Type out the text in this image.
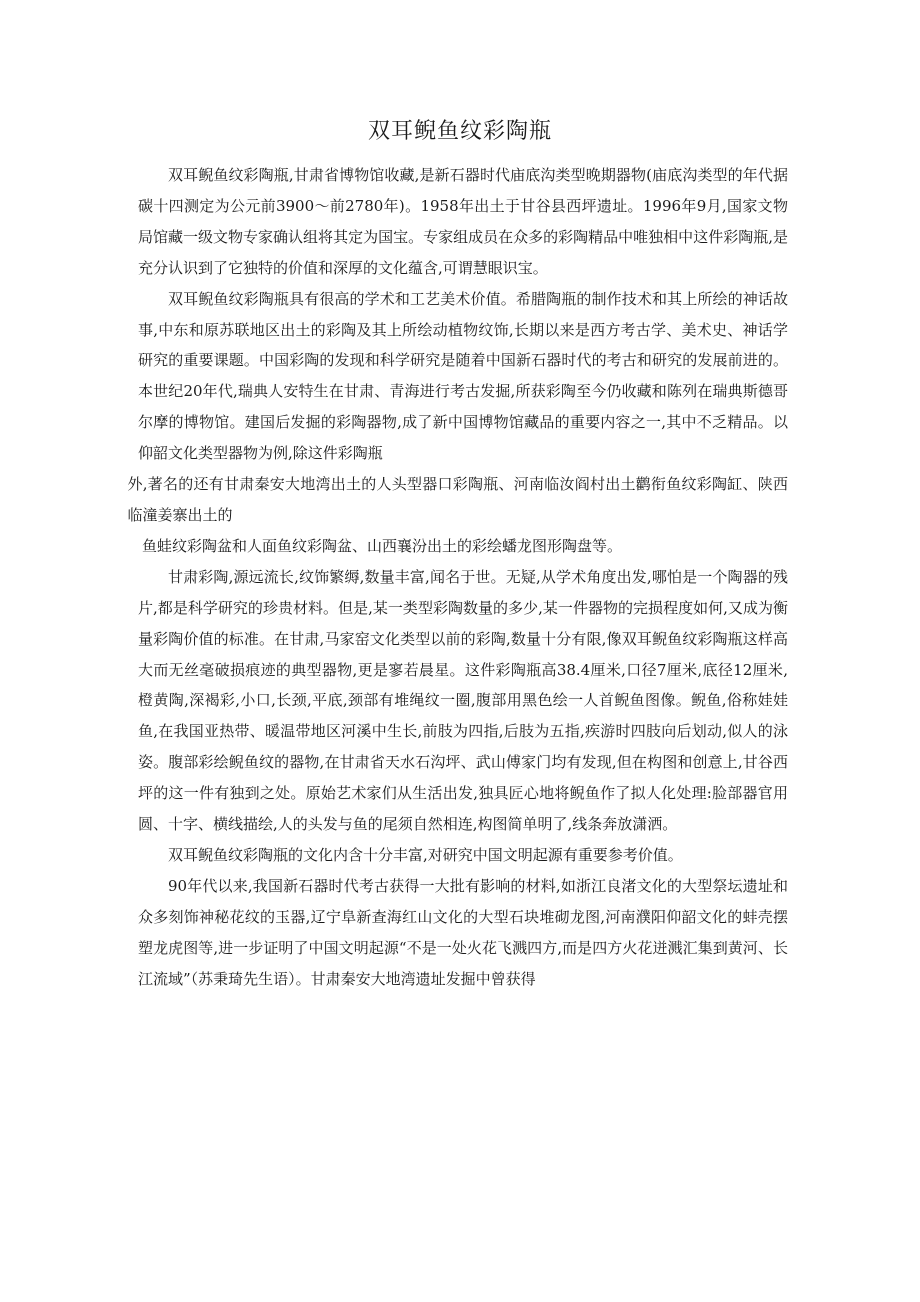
双耳鲵鱼纹彩陶瓶

双耳鲵鱼纹彩陶瓶,甘肃省博物馆收藏,是新石器时代庙底沟类型晚期器物(庙底沟类型的年代据碳十四测定为公元前3900～前2780年)。1958年出土于甘谷县西坪遗址。1996年9月,国家文物局馆藏一级文物专家确认组将其定为国宝。专家组成员在众多的彩陶精品中唯独相中这件彩陶瓶,是充分认识到了它独特的价值和深厚的文化蕴含,可谓慧眼识宝。

双耳鲵鱼纹彩陶瓶具有很高的学术和工艺美术价值。希腊陶瓶的制作技术和其上所绘的神话故事,中东和原苏联地区出土的彩陶及其上所绘动植物纹饰,长期以来是西方考古学、美术史、神话学研究的重要课题。中国彩陶的发现和科学研究是随着中国新石器时代的考古和研究的发展前进的。本世纪20年代,瑞典人安特生在甘肃、青海进行考古发掘,所获彩陶至今仍收藏和陈列在瑞典斯德哥尔摩的博物馆。建国后发掘的彩陶器物,成了新中国博物馆藏品的重要内容之一,其中不乏精品。以仰韶文化类型器物为例,除这件彩陶瓶

外,著名的还有甘肃秦安大地湾出土的人头型器口彩陶瓶、河南临汝阎村出土鹳衔鱼纹彩陶缸、陕西临潼姜寨出土的

鱼蛙纹彩陶盆和人面鱼纹彩陶盆、山西襄汾出土的彩绘蟠龙图形陶盘等。

甘肃彩陶,源远流长,纹饰繁缛,数量丰富,闻名于世。无疑,从学术角度出发,哪怕是一个陶器的残片,都是科学研究的珍贵材料。但是,某一类型彩陶数量的多少,某一件器物的完损程度如何,又成为衡量彩陶价值的标准。在甘肃,马家窑文化类型以前的彩陶,数量十分有限,像双耳鲵鱼纹彩陶瓶这样高大而无丝毫破损痕迹的典型器物,更是寥若晨星。这件彩陶瓶高38.4厘米,口径7厘米,底径12厘米,橙黄陶,深褐彩,小口,长颈,平底,颈部有堆绳纹一圈,腹部用黑色绘一人首鲵鱼图像。鲵鱼,俗称娃娃鱼,在我国亚热带、暖温带地区河溪中生长,前肢为四指,后肢为五指,疾游时四肢向后划动,似人的泳姿。腹部彩绘鲵鱼纹的器物,在甘肃省天水石沟坪、武山傅家门均有发现,但在构图和创意上,甘谷西坪的这一件有独到之处。原始艺术家们从生活出发,独具匠心地将鲵鱼作了拟人化处理:脸部器官用圆、十字、横线描绘,人的头发与鱼的尾须自然相连,构图简单明了,线条奔放潇洒。

双耳鲵鱼纹彩陶瓶的文化内含十分丰富,对研究中国文明起源有重要参考价值。

90年代以来,我国新石器时代考古获得一大批有影响的材料,如浙江良渚文化的大型祭坛遗址和众多刻饰神秘花纹的玉器,辽宁阜新查海红山文化的大型石块堆砌龙图,河南濮阳仰韶文化的蚌壳摆塑龙虎图等,进一步证明了中国文明起源“不是一处火花飞溅四方,而是四方火花迸溅汇集到黄河、长江流域”（苏秉琦先生语）。甘肃秦安大地湾遗址发掘中曾获得
